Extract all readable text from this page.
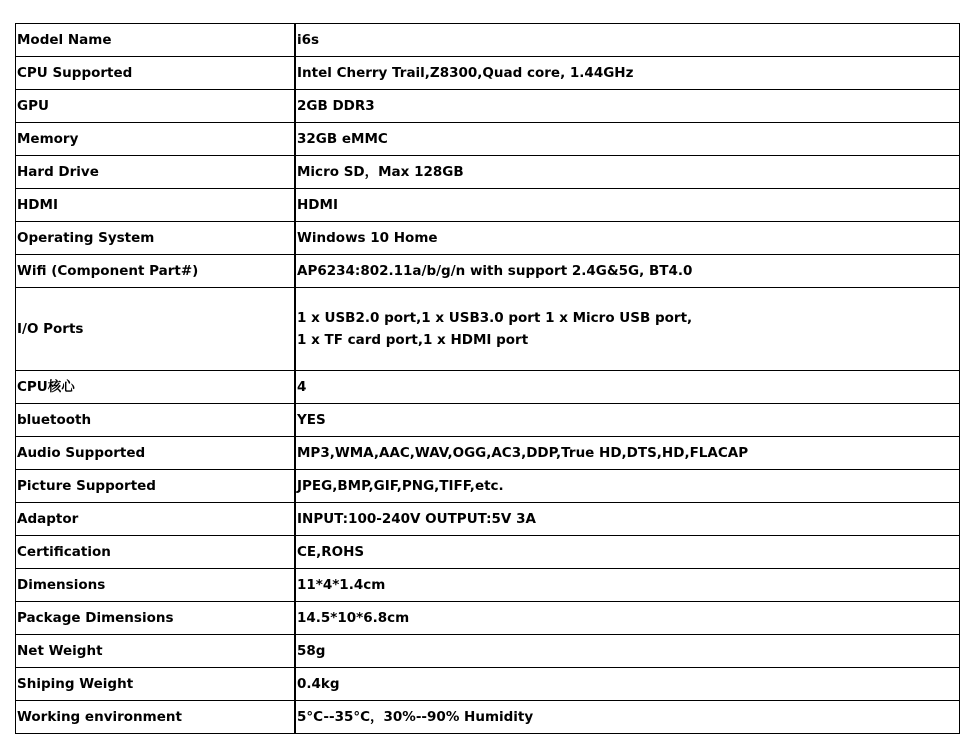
Model Name	i6s
CPU Supported	Intel Cherry Trail,Z8300,Quad core, 1.44GHz
GPU	2GB DDR3
Memory	32GB eMMC
Hard Drive	Micro SD，Max 128GB
HDMI	HDMI
Operating System	Windows 10 Home
Wifi (Component Part#)	AP6234:802.11a/b/g/n with support 2.4G&5G, BT4.0
I/O Ports	1 x USB2.0 port,1 x USB3.0 port 1 x Micro USB port,
1 x TF card port,1 x HDMI port

CPU核心	4
bluetooth	YES
Audio Supported	MP3,WMA,AAC,WAV,OGG,AC3,DDP,True HD,DTS,HD,FLACAP
Picture Supported	JPEG,BMP,GIF,PNG,TIFF,etc.
Adaptor	INPUT:100-240V OUTPUT:5V 3A
Certification	CE,ROHS
Dimensions	11*4*1.4cm
Package Dimensions	14.5*10*6.8cm
Net Weight	58g
Shiping Weight	0.4kg
Working environment	5°C--35°C，30%--90% Humidity
